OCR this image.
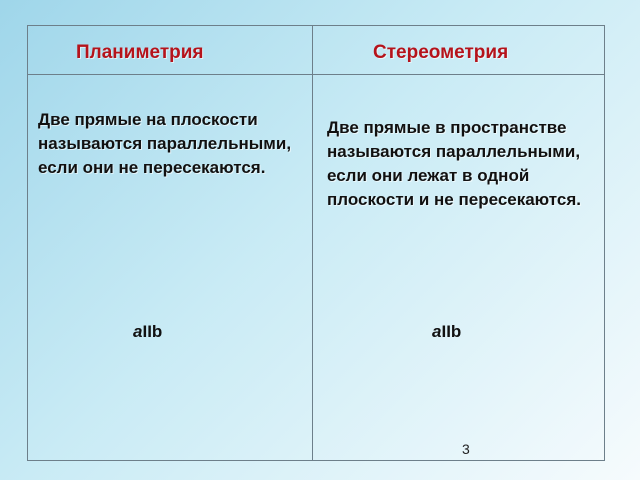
Планиметрия	Стереометрия
Две прямые на плоскости называются параллельными, если они не пересекаются.
Две прямые в пространстве называются параллельными, если они лежат в одной плоскости и не пересекаются.
aIIb	aIIb
3
